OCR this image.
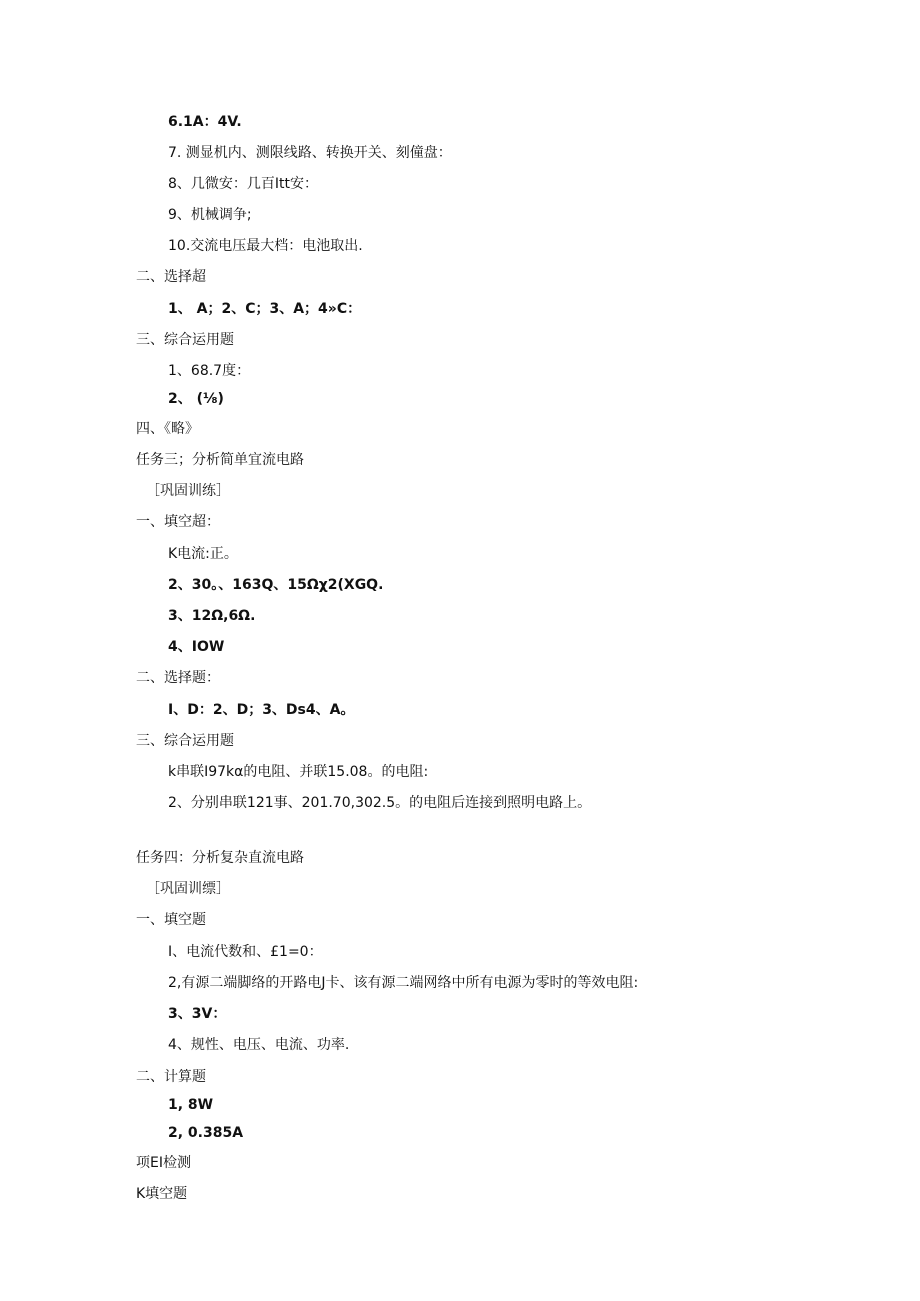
6.1A：4V.
7. 测显机内、测限线路、转换开关、刻僮盘：
8、几微安：几百Itt安：
9、机械调争;
10.交流电压最大档：电池取出.
二、选择超
1、 A；2、C；3、A；4»C：
三、综合运用题
1、68.7度：
2、 (⅛)
四、《略》
任务三；分析简单宜流电路
［巩固训练］
一、填空超：
K电流:正。
2、30。、163Q、15Ωχ2(XGQ.
3、12Ω,6Ω.
4、IOW
二、选择题：
I、D：2、D；3、Ds4、A。
三、综合运用题
k串联I97kα的电阻、并联15.08。的电阻:
2、分别串联121事、201.70,302.5。的电阻后连接到照明电路上。
任务四：分析复杂直流电路
［巩固训缥］
一、填空题
I、电流代数和、£1=0：
2,有源二端脚络的开路电J卡、该有源二端网络中所有电源为零时的等效电阻:
3、3V：
4、规性、电压、电流、功率.
二、计算题
1, 8W
2, 0.385A
项EI检测
K填空题
